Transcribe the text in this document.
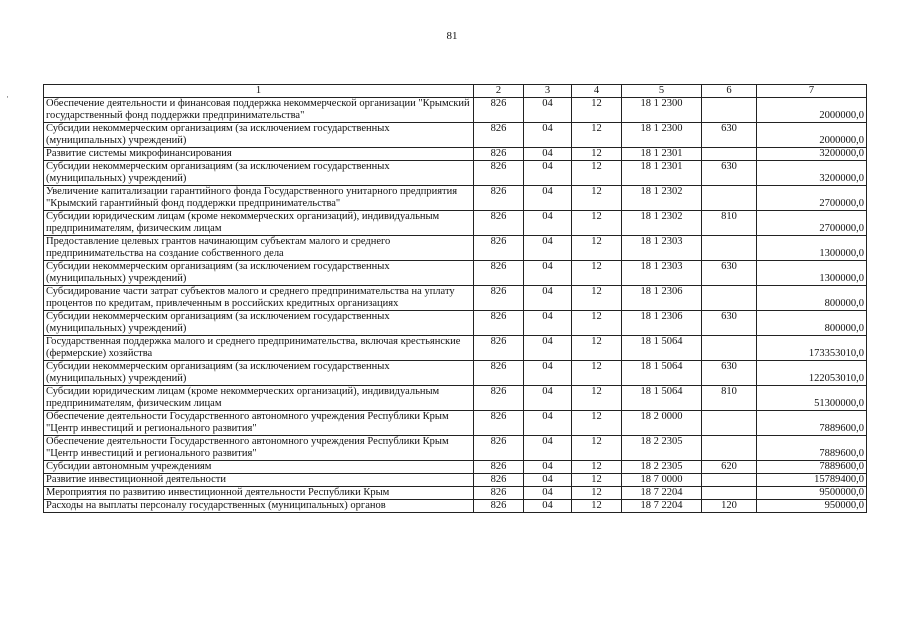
81
·
1	2	3	4	5	6	7
Обеспечение деятельности и финансовая поддержка некоммерческой организации "Крымский государственный фонд поддержки предпринимательства"	826	04	12	18 1 2300		2000000,0
Субсидии некоммерческим организациям (за исключением государственных (муниципальных) учреждений)	826	04	12	18 1 2300	630	2000000,0
Развитие системы микрофинансирования	826	04	12	18 1 2301		3200000,0
Субсидии некоммерческим организациям (за исключением государственных (муниципальных) учреждений)	826	04	12	18 1 2301	630	3200000,0
Увеличение капитализации гарантийного фонда Государственного унитарного предприятия "Крымский гарантийный фонд поддержки предпринимательства"	826	04	12	18 1 2302		2700000,0
Субсидии юридическим лицам (кроме некоммерческих организаций), индивидуальным предпринимателям, физическим лицам	826	04	12	18 1 2302	810	2700000,0
Предоставление целевых грантов начинающим субъектам малого и среднего предпринимательства на создание собственного дела	826	04	12	18 1 2303		1300000,0
Субсидии некоммерческим организациям (за исключением государственных (муниципальных) учреждений)	826	04	12	18 1 2303	630	1300000,0
Субсидирование части затрат субъектов малого и среднего предпринимательства на уплату процентов по кредитам, привлеченным в российских кредитных организациях	826	04	12	18 1 2306		800000,0
Субсидии некоммерческим организациям (за исключением государственных (муниципальных) учреждений)	826	04	12	18 1 2306	630	800000,0
Государственная поддержка малого и среднего предпринимательства, включая крестьянские (фермерские) хозяйства	826	04	12	18 1 5064		173353010,0
Субсидии некоммерческим организациям (за исключением государственных (муниципальных) учреждений)	826	04	12	18 1 5064	630	122053010,0
Субсидии юридическим лицам (кроме некоммерческих организаций), индивидуальным предпринимателям, физическим лицам	826	04	12	18 1 5064	810	51300000,0
Обеспечение деятельности Государственного автономного учреждения Республики Крым "Центр инвестиций и регионального развития"	826	04	12	18 2 0000		7889600,0
Обеспечение деятельности Государственного автономного учреждения Республики Крым "Центр инвестиций и регионального развития"	826	04	12	18 2 2305		7889600,0
Субсидии автономным учреждениям	826	04	12	18 2 2305	620	7889600,0
Развитие инвестиционной деятельности	826	04	12	18 7 0000		15789400,0
Мероприятия по развитию инвестиционной деятельности Республики Крым	826	04	12	18 7 2204		9500000,0
Расходы на выплаты персоналу государственных (муниципальных) органов	826	04	12	18 7 2204	120	950000,0
